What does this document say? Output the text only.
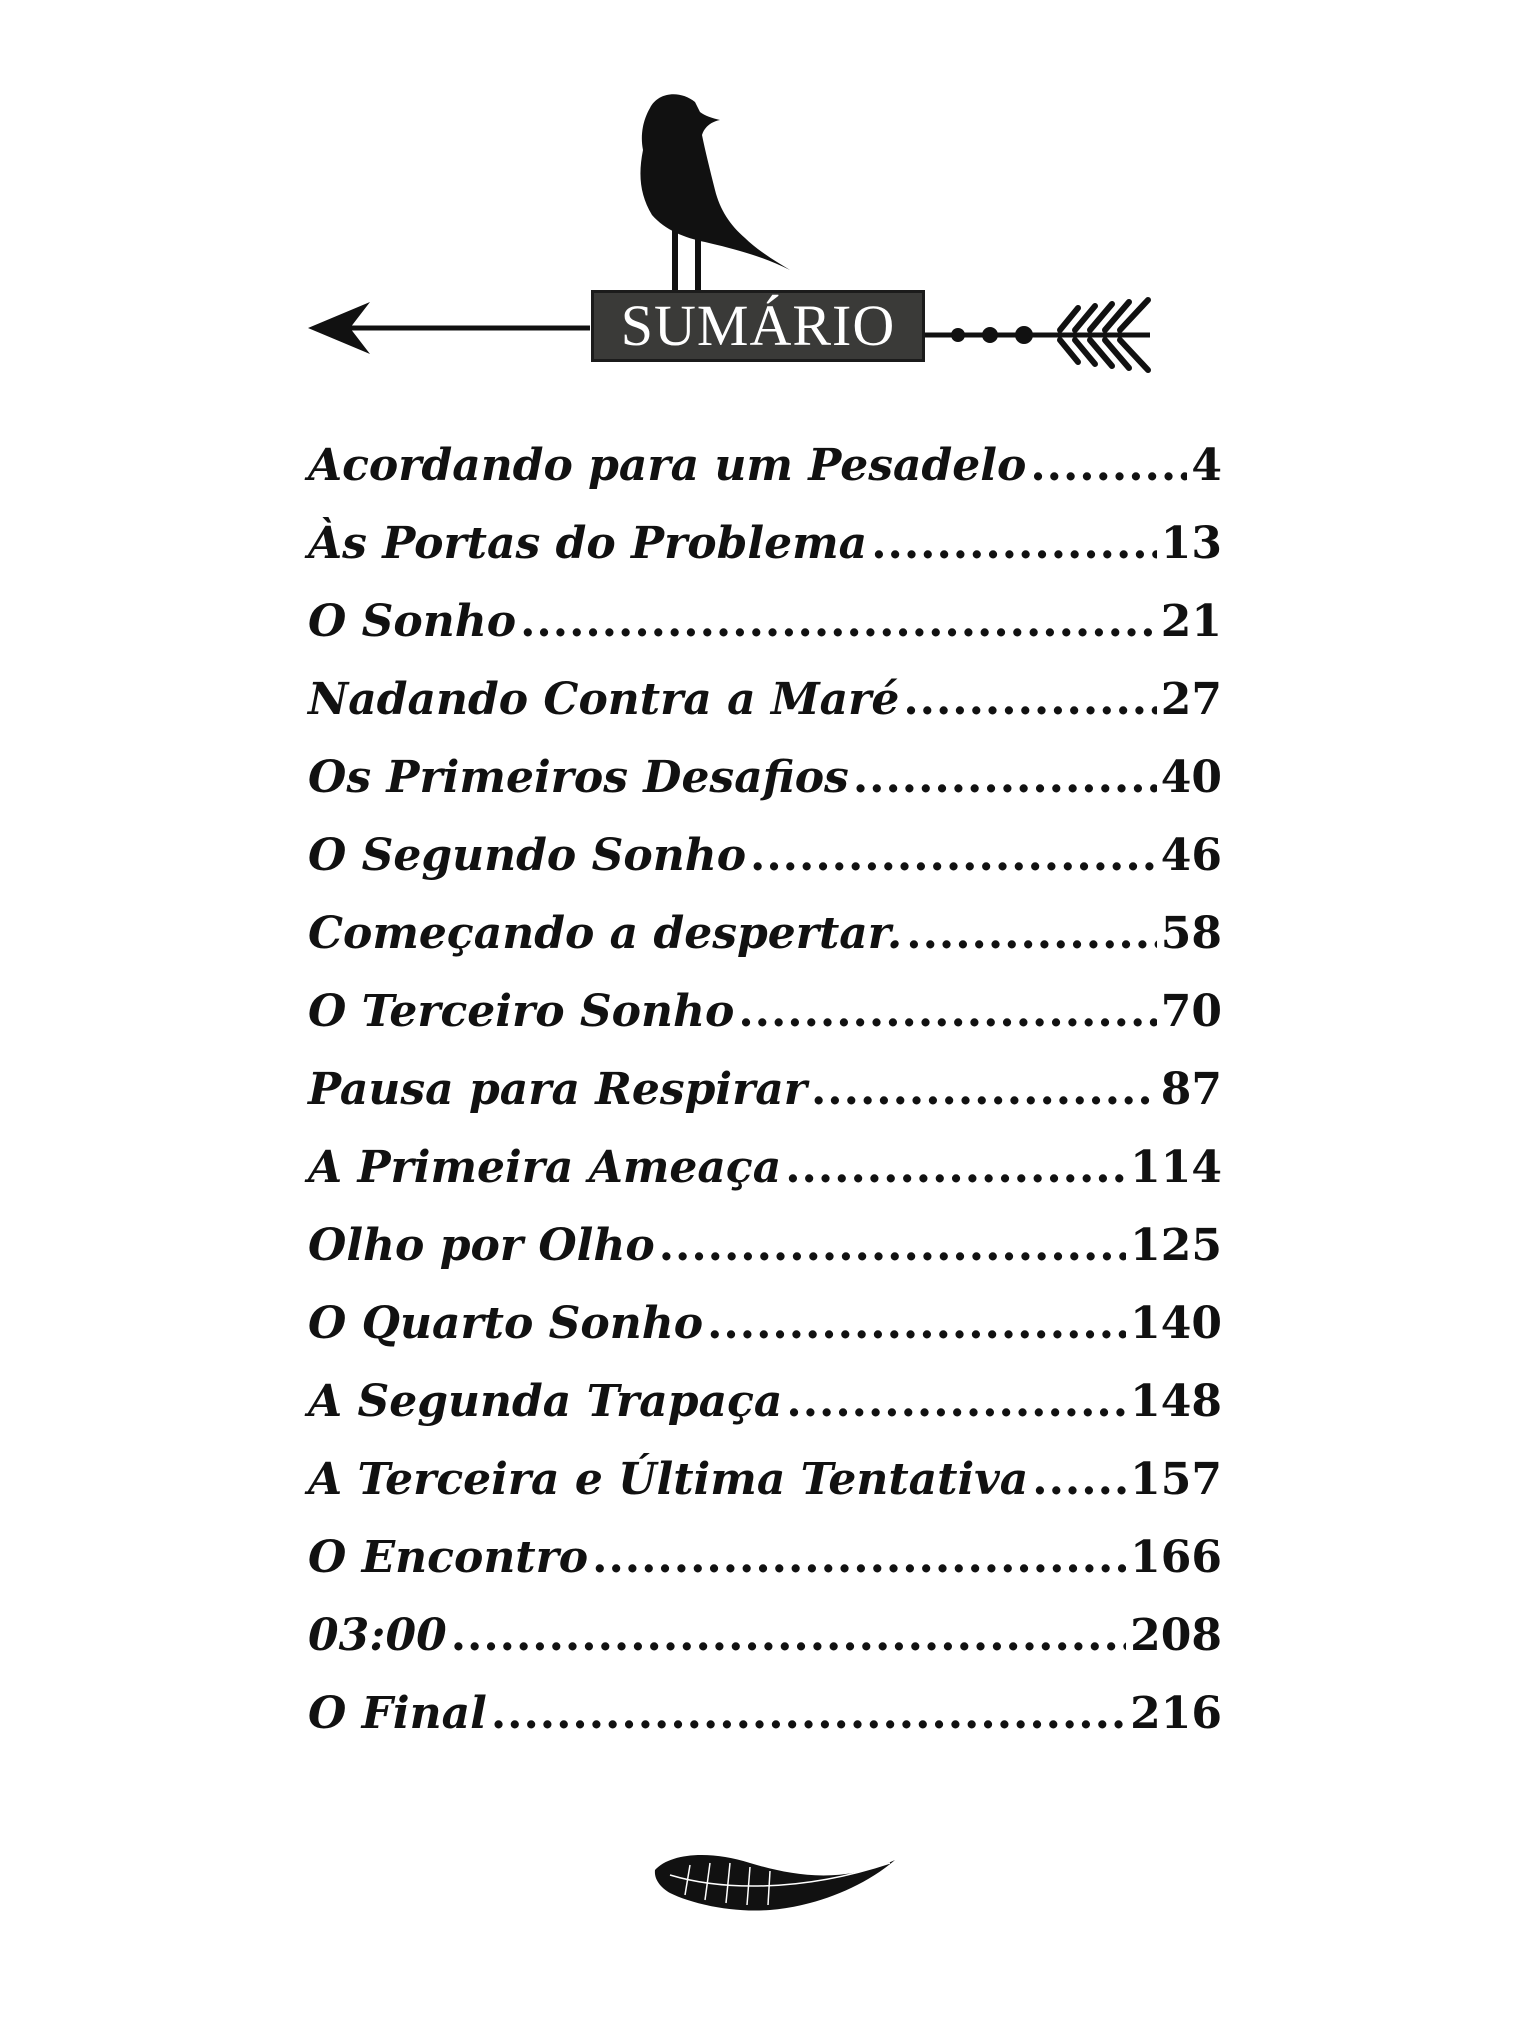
SUMÁRIO
Acordando para um Pesadelo .....	4
Às Portas do Problema .....	13
O Sonho .....	21
Nadando Contra a Maré .....	27
Os Primeiros Desafios .....	40
O Segundo Sonho .....	46
Começando a despertar. .....	58
O Terceiro Sonho .....	70
Pausa para Respirar .....	87
A Primeira Ameaça .....	114
Olho por Olho .....	125
O Quarto Sonho .....	140
A Segunda Trapaça .....	148
A Terceira e Última Tentativa ..... 157
O Encontro .....	166
03:00 .....	208
O Final .....	216
